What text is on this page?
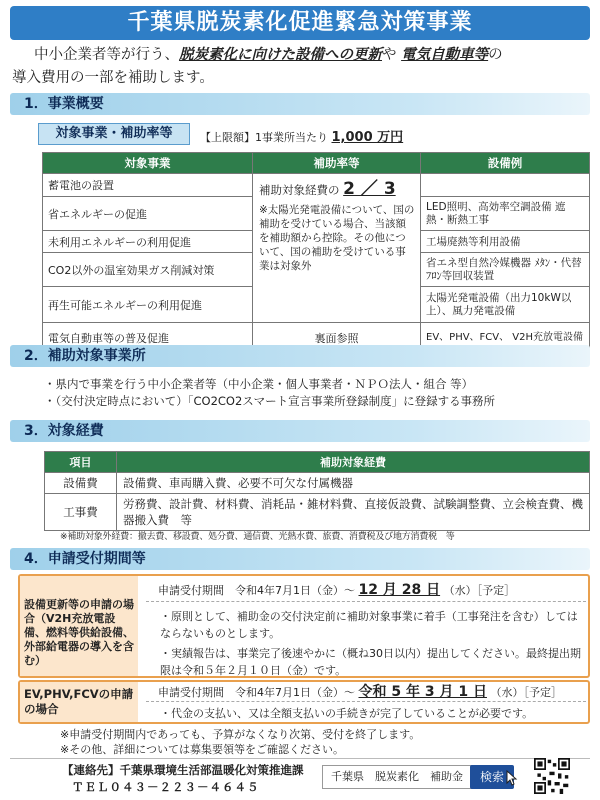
千葉県脱炭素化促進緊急対策事業
中小企業者等が行う、脱炭素化に向けた設備への更新や 電気自動車等の
導入費用の一部を補助します。
1．事業概要
対象事業・補助率等	【上限額】1事業所当たり 1,000 万円
対象事業	補助率等	設備例
蓄電池の設置	補助対象経費の 2 ／ 3
※太陽光発電設備について、国の補助を受けている場合、当該額を補助額から控除。その他について、国の補助を受けている事業は対象外	

省エネルギーの促進		LED照明、高効率空調設備 遮熱・断熱工事
未利用エネルギーの利用促進		工場廃熱等利用設備
CO2以外の温室効果ガス削減対策		省エネ型自然冷媒機器 ﾒﾀﾝ・代替ﾌﾛﾝ等回収装置
再生可能エネルギーの利用促進		太陽光発電設備（出力10kW以上）、風力発電設備
電気自動車等の普及促進	裏面参照	EV、PHV、FCV、 V2H充放電設備
2．補助対象事業所
・県内で事業を行う中小企業者等（中小企業・個人事業者・ＮＰＯ法人・組合 等）
・（交付決定時点において）「CO2CO2スマート宣言事業所登録制度」に登録する事務所
3．対象経費
項目	補助対象経費
設備費	設備費、車両購入費、必要不可欠な付属機器
工事費	労務費、設計費、材料費、消耗品・雑材料費、直接仮設費、試験調整費、立会検査費、機器搬入費　等
※補助対象外経費：撤去費、移設費、処分費、通信費、光熱水費、旅費、消費税及び地方消費税　等
4．申請受付期間等
設備更新等の申請の場合（V2H充放電設備、燃料等供給設備、外部給電器の導入を含む）
申請受付期間　令和4年7月1日（金）～ 12 月 28 日 （水）［予定］
・原則として、補助金の交付決定前に補助対象事業に着手（工事発注を含む）してはならないものとします。
・実績報告は、事業完了後速やかに（概ね30日以内）提出してください。最終提出期限は令和５年２月１０日（金）です。
EV,PHV,FCVの申請の場合
申請受付期間　令和4年7月1日（金）～ 令和 5 年 3 月 1 日 （水）［予定］
・代金の支払い、又は全額支払いの手続きが完了していることが必要です。
※申請受付期間内であっても、予算がなくなり次第、受付を終了します。
※その他、詳細については募集要領等をご確認ください。
【連絡先】千葉県環境生活部温暖化対策推進課
ＴＥＬ０４３－２２３－４６４５
千葉県　脱炭素化　補助金	検索
